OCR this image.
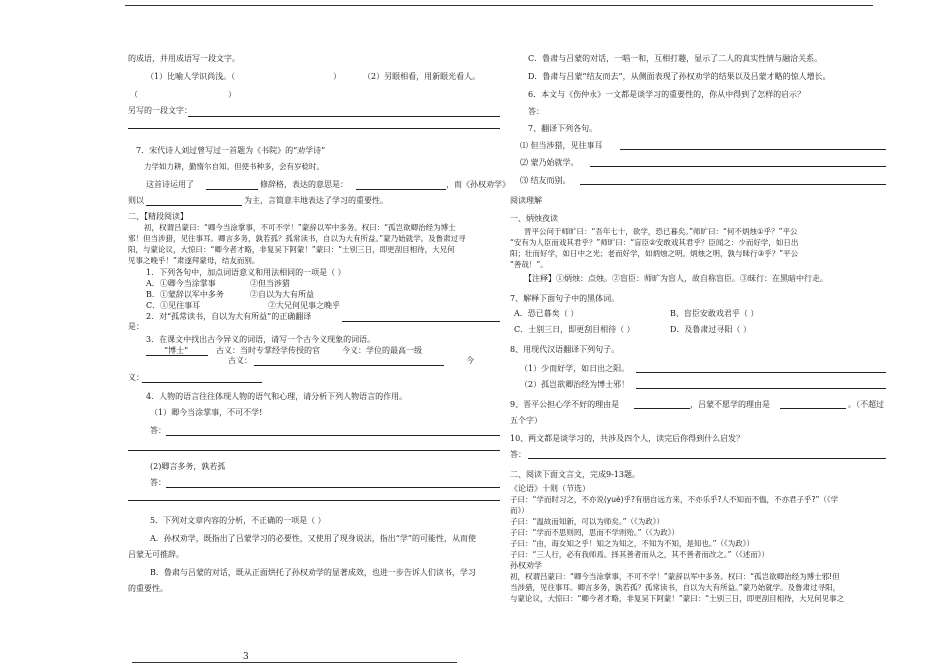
的成语，并用成语写一段文字。
（1）比喻人学识尚浅。（	）	（2）另眼相看，用新眼光看人。
（	）
另写的一段文字：
7．宋代诗人刘过曾写过一首题为《书院》的“劝学诗”
力学如力耕，勤惰尔自知。但使书种多，会有岁稔时。
这首诗运用了	修辞格，表达的意思是：	，而《孙权劝学》
则以	为主，言简意丰地表达了学习的重要性。
二、【精段阅读】
初，权谓吕蒙曰：“卿今当涂掌事，不可不学！”蒙辞以军中多务。权曰：“孤岂欲卿治经为博士
邪！但当涉猎，见往事耳。卿言多务，孰若孤？孤常读书，自以为大有所益。”蒙乃始就学。及鲁肃过寻
阳，与蒙论议，大惊曰：“卿今者才略，非复吴下阿蒙！”蒙曰：“士别三日，即更刮目相待，大兄何
见事之晚乎！”肃遂拜蒙母，结友而别。
1．下列各句中，加点词语意义和用法相同的一项是（ ）
A．①卿今当涂掌事	②但当涉猎
B．①蒙辞以军中多务	②自以为大有所益
C．①见往事耳	②大兄何见事之晚乎
2．对“孤常读书，自以为大有所益”的正确翻译
是：
3．在课文中找出古今异义的词语，请写一个古今义现象的词语。
“博士”	古义：当时专掌经学传授的官	今义：学位的最高一级
古义：	今
义：
4．人物的语言往往体现人物的语气和心理，请分析下列人物语言的作用。
（1）卿今当涂掌事，不可不学!
答：
(2)卿言多务，孰若孤
答：
5．下列对文章内容的分析，不正确的一项是（ ）
A．孙权劝学，既指出了吕蒙学习的必要性，又使用了现身说法，指出“学”的可能性，从而使
吕蒙无可推辞。
B．鲁肃与吕蒙的对话，既从正面烘托了孙权劝学的显著成效，也进一步告诉人们读书，学习
的重要性。
C．鲁肃与吕蒙的对话，一唱一和，互相打趣，显示了二人的真实性情与融洽关系。
D．鲁肃与吕蒙“结友而去”，从侧面表现了孙权劝学的结果以及吕蒙才略的惊人增长。
6．本文与《伤仲永》一文都是谈学习的重要性的，你从中得到了怎样的启示？
答：
7、翻译下列各句。
⑴ 但当涉猎，见往事耳
⑵ 蒙乃始就学。
⑶ 结友而别。
阅读理解
一、炳烛夜读
晋平公问于师旷曰：“吾年七十，欲学，恐已暮矣。”师旷曰：“何不炳烛①乎？”平公
“安有为人臣而戏其君乎？”师旷曰：“盲臣②安敢戏其君乎？臣闻之：少而好学，如日出
阳；壮而好学，如日中之光；老而好学，如炳烛之明。炳烛之明，孰与昧行③乎？”平公
“善哉！”。
【注释】①炳烛：点烛。②盲臣：师旷为盲人，故自称盲臣。③昧行：在黑暗中行走。
7、解释下面句子中的黑体词。
A．恐已暮矣（ ）	B、盲臣安敢戏君乎（ ）
C．士别三日，即更刮目相待（ ）	D．及鲁肃过寻阳（ ）
8、用现代汉语翻译下列句子。
（1）少而好学，如日出之阳。
（2）孤岂欲卿治经为博士邪！
9、晋平公担心学不好的理由是	，吕蒙不愿学的理由是	。（不超过
五个字）
10、两文都是谈学习的，共涉及四个人，读完后你得到什么启发？
答：
二、阅读下面文言文，完成9-13题。
《论语》十则（节选）
子曰：“学而时习之，不亦说(yuè)乎?有朋自远方来，不亦乐乎?人不知而不愠，不亦君子乎?”（《学
而》）
子曰：“温故而知新，可以为师矣。”（《为政》）
子曰：“学而不思则罔，思而不学则殆。”（《为政》）
子曰：“由，诲女知之乎！知之为知之，不知为不知，是知也。”（《为政》）
子曰：“三人行，必有我师焉。择其善者而从之，其不善者而改之。”（《述而》）
孙权劝学
初，权谓吕蒙曰：“卿今当涂掌事，不可不学！”蒙辞以军中多务。权曰：“孤岂欲卿治经为博士邪!但
当涉猎，见往事耳。卿言多务，孰若孤？孤常读书，自以为大有所益。”蒙乃始就学。及鲁肃过寻阳，
与蒙论议，大惊曰：“卿今者才略，非复吴下阿蒙！”蒙曰：“士别三日，即更刮目相待，大兄何见事之
3
